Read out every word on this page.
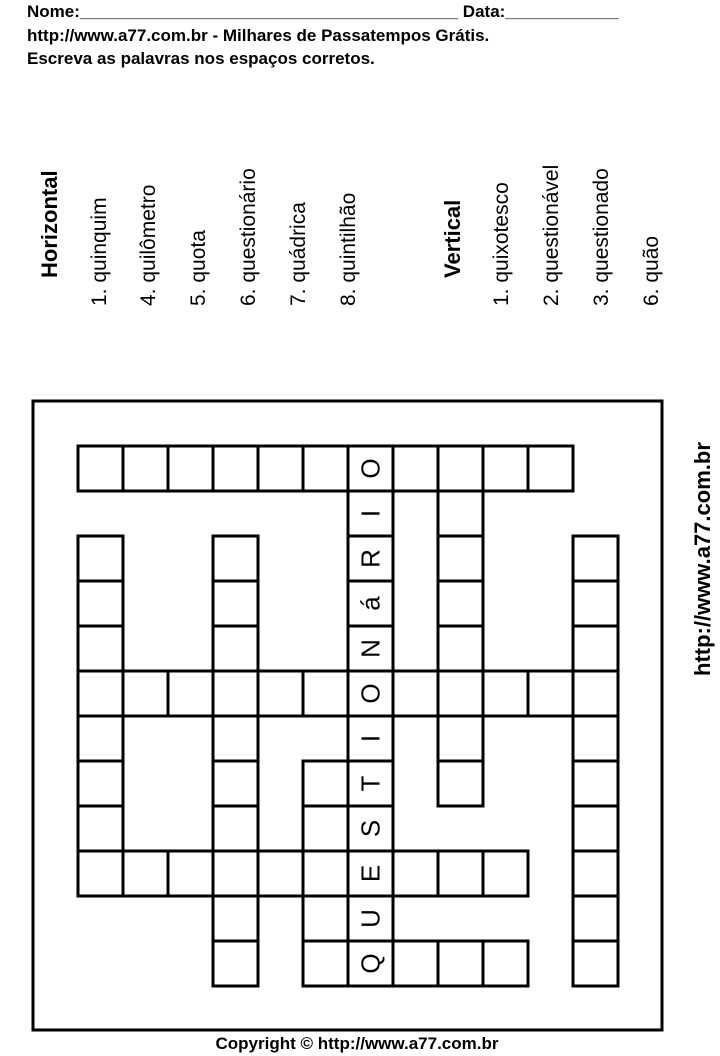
Nome:________________________________________ Data:____________
http://www.a77.com.br - Milhares de Passatempos Grátis.
Escreva as palavras nos espaços corretos.
Horizontal 1. quinquim 4. quilômetro 5. quota 6. questionário 7. quádrica 8. quintilhão	Vertical 1. quixotesco 2. questionável 3. questionado 6. quão
http://www.a77.com.br
O
I
R
á
N
O
I
T
S
E
U
Q
Copyright © http://www.a77.com.br
